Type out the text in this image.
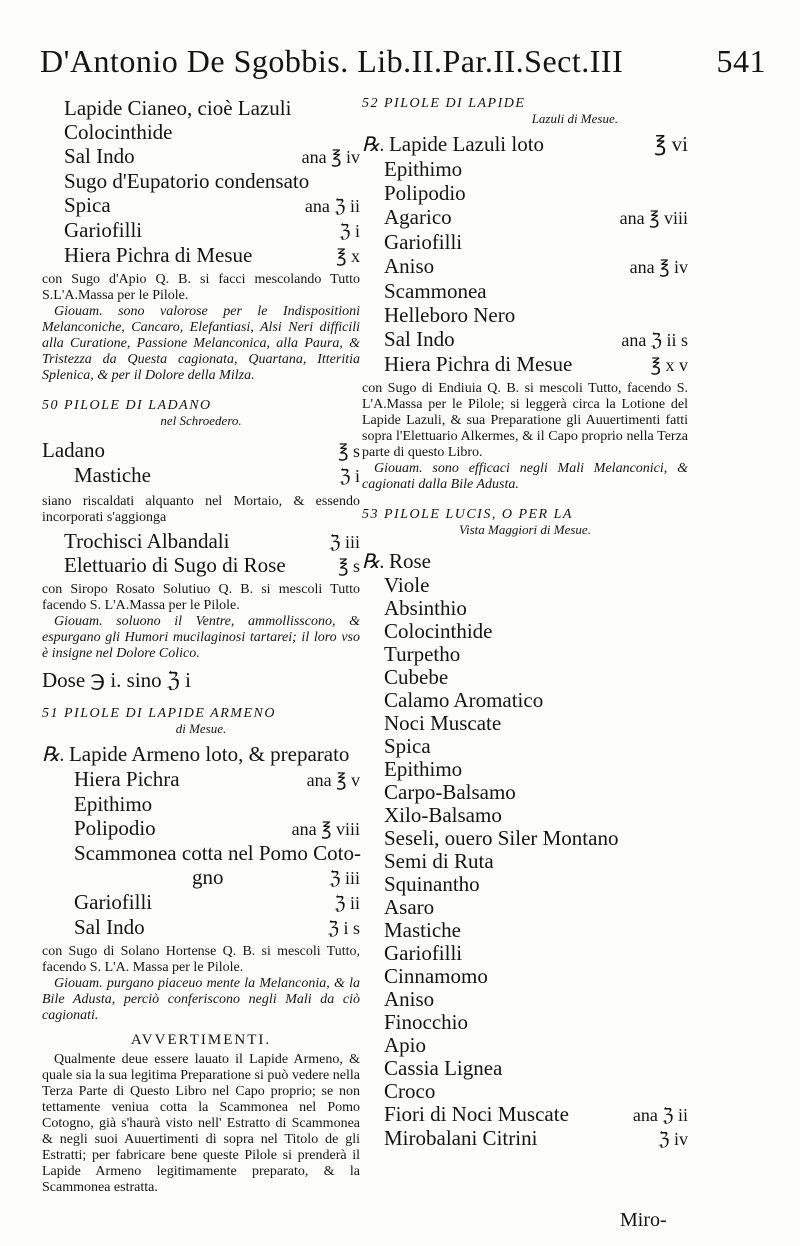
D'Antonio De Sgobbis. Lib.II.Par.II.Sect.III	541
Lapide Cianeo, cioè Lazuli
Colocinthide
Sal Indo	ana ℥ iv
Sugo d'Eupatorio condensato
Spica	ana ℨ ii
Gariofilli	ℨ i
Hiera Pichra di Mesue	℥ x

con Sugo d'Apio Q. B. si facci mescolando Tutto S.L'A.Massa per le Pilole.

Giouam. sono valorose per le Indispositioni Melanconiche, Cancaro, Elefantiasi, Alsi Neri difficili alla Curatione, Passione Melanconica, alla Paura, & Tristezza da Questa cagionata, Quartana, Itteritia Splenica, & per il Dolore della Milza.

50 PILOLE DI LADANO

nel Schroedero.

Ladano	℥ s
Mastiche	ℨ i

siano riscaldati alquanto nel Mortaio, & essendo incorporati s'aggionga

Trochisci Albandali	ℨ iii
Elettuario di Sugo di Rose	℥ s

con Siropo Rosato Solutiuo Q. B. si mescoli Tutto facendo S. L'A.Massa per le Pilole.

Giouam. soluono il Ventre, ammollisscono, & espurgano gli Humori mucilaginosi tartarei; il loro vso è insigne nel Dolore Colico.

Dose ℈ i. sino ℨ i

51 PILOLE DI LAPIDE ARMENO

di Mesue.

℞. Lapide Armeno loto, & preparato
Hiera Pichra	ana ℥ v
Epithimo
Polipodio	ana ℥ viii
Scammonea cotta nel Pomo Coto-
gno	ℨ iii
Gariofilli	ℨ ii
Sal Indo	ℨ i s

con Sugo di Solano Hortense Q. B. si mescoli Tutto, facendo S. L'A. Massa per le Pilole.

Giouam. purgano piaceuo mente la Melanconia, & la Bile Adusta, perciò conferiscono negli Mali da ciò cagionati.

AVVERTIMENTI.

Qualmente deue essere lauato il Lapide Armeno, & quale sia la sua legitima Preparatione si può vedere nella Terza Parte di Questo Libro nel Capo proprio; se non tettamente veniua cotta la Scammonea nel Pomo Cotogno, già s'haurà visto nell' Estratto di Scammonea & negli suoi Auuertimenti di sopra nel Titolo de gli Estratti; per fabricare bene queste Pilole si prenderà il Lapide Armeno legitimamente preparato, & la Scammonea estratta.

52 PILOLE DI LAPIDE

Lazuli di Mesue.

℞. Lapide Lazuli loto	℥ vi
Epithimo
Polipodio
Agarico	ana ℥ viii
Gariofilli
Aniso	ana ℥ iv
Scammonea
Helleboro Nero
Sal Indo	ana ℨ ii s
Hiera Pichra di Mesue	℥ x v

con Sugo di Endiuia Q. B. si mescoli Tutto, facendo S. L'A.Massa per le Pilole; si leggerà circa la Lotione del Lapide Lazuli, & sua Preparatione gli Auuertimenti fatti sopra l'Elettuario Alkermes, & il Capo proprio nella Terza parte di questo Libro.

Giouam. sono efficaci negli Mali Melanconici, & cagionati dalla Bile Adusta.

53 PILOLE LUCIS, O PER LA

Vista Maggiori di Mesue.

℞. Rose
Viole
Absinthio
Colocinthide
Turpetho
Cubebe
Calamo Aromatico
Noci Muscate
Spica
Epithimo
Carpo-Balsamo
Xilo-Balsamo
Seseli, ouero Siler Montano
Semi di Ruta
Squinantho
Asaro
Mastiche
Gariofilli
Cinnamomo
Aniso
Finocchio
Apio
Cassia Lignea
Croco
Fiori di Noci Muscate	ana ℨ ii
Mirobalani Citrini	ℨ iv
Miro-
